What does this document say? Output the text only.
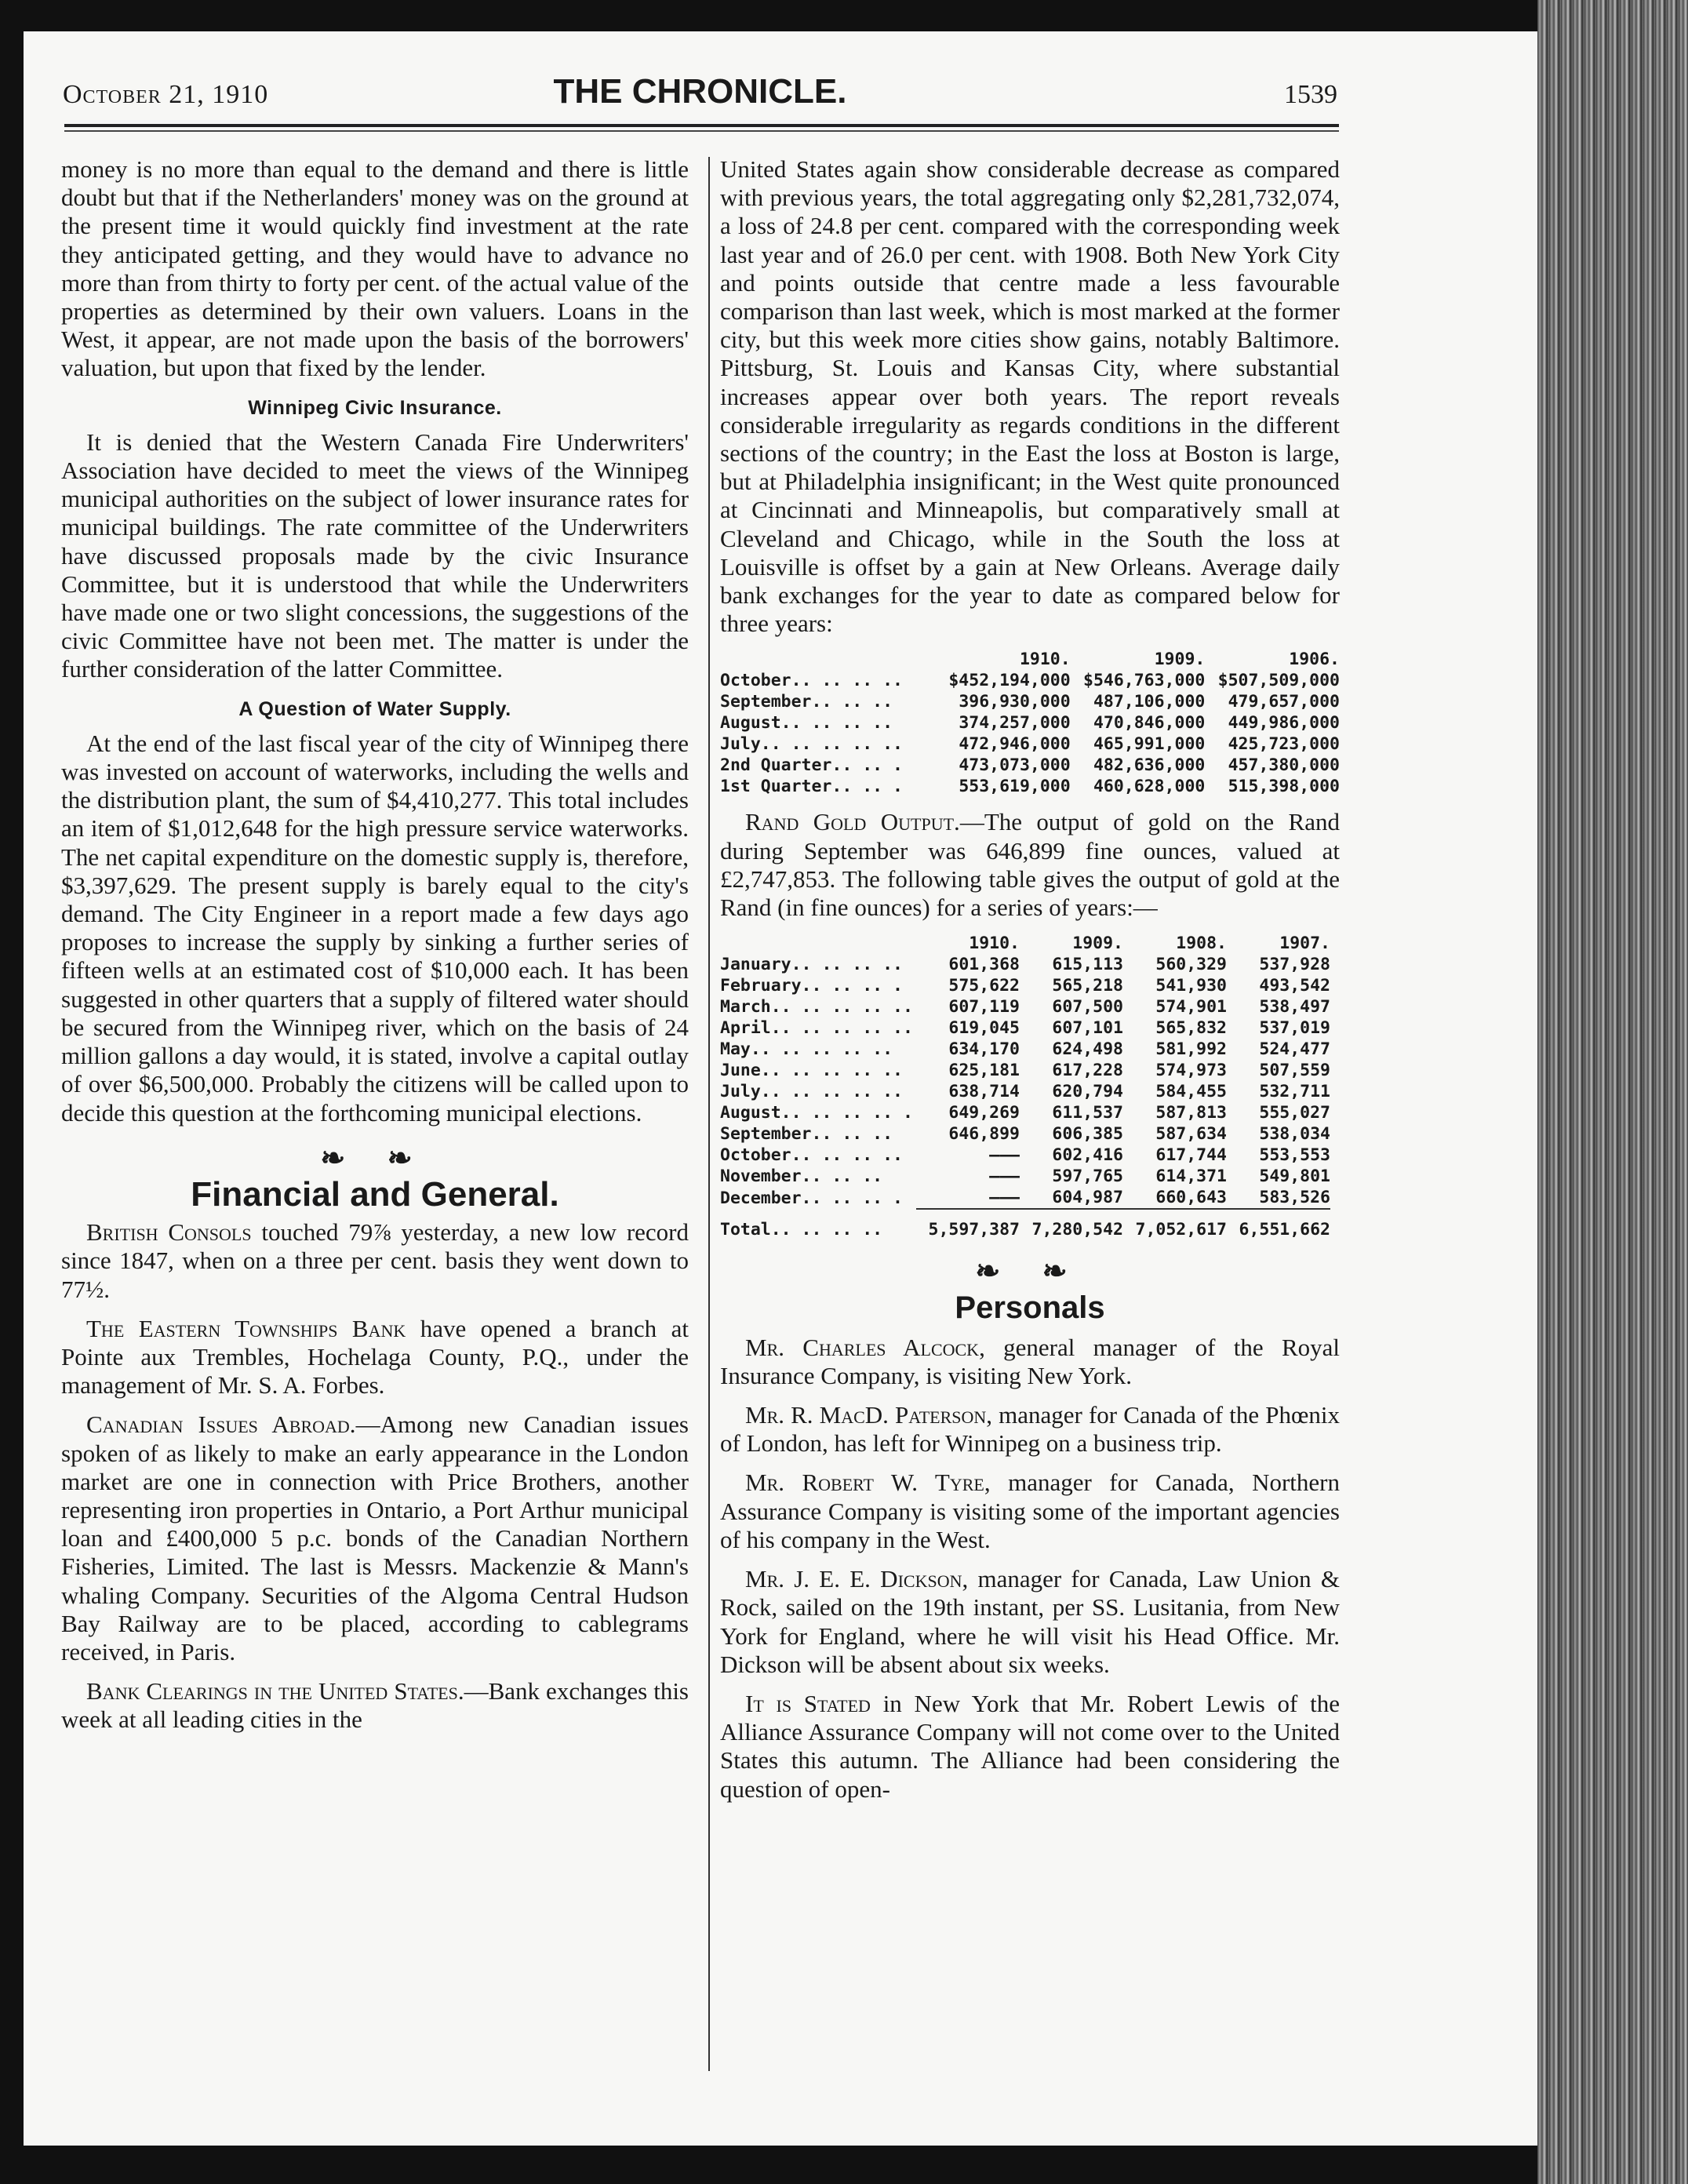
October 21, 1910	THE CHRONICLE.	1539

money is no more than equal to the demand and there is little doubt but that if the Netherlanders' money was on the ground at the present time it would quickly find investment at the rate they anticipated getting, and they would have to advance no more than from thirty to forty per cent. of the actual value of the properties as determined by their own valuers. Loans in the West, it appear, are not made upon the basis of the borrowers' valuation, but upon that fixed by the lender.

Winnipeg Civic Insurance.

It is denied that the Western Canada Fire Underwriters' Association have decided to meet the views of the Winnipeg municipal authorities on the subject of lower insurance rates for municipal buildings. The rate committee of the Underwriters have discussed proposals made by the civic Insurance Committee, but it is understood that while the Underwriters have made one or two slight concessions, the suggestions of the civic Committee have not been met. The matter is under the further consideration of the latter Committee.

A Question of Water Supply.

At the end of the last fiscal year of the city of Winnipeg there was invested on account of waterworks, including the wells and the distribution plant, the sum of $4,410,277. This total includes an item of $1,012,648 for the high pressure service waterworks. The net capital expenditure on the domestic supply is, therefore, $3,397,629. The present supply is barely equal to the city's demand. The City Engineer in a report made a few days ago proposes to increase the supply by sinking a further series of fifteen wells at an estimated cost of $10,000 each. It has been suggested in other quarters that a supply of filtered water should be secured from the Winnipeg river, which on the basis of 24 million gallons a day would, it is stated, involve a capital outlay of over $6,500,000. Probably the citizens will be called upon to decide this question at the forthcoming municipal elections.

❧ ❧
Financial and General.

British Consols touched 79⅞ yesterday, a new low record since 1847, when on a three per cent. basis they went down to 77½.

The Eastern Townships Bank have opened a branch at Pointe aux Trembles, Hochelaga County, P.Q., under the management of Mr. S. A. Forbes.

Canadian Issues Abroad.—Among new Canadian issues spoken of as likely to make an early appearance in the London market are one in connection with Price Brothers, another representing iron properties in Ontario, a Port Arthur municipal loan and £400,000 5 p.c. bonds of the Canadian Northern Fisheries, Limited. The last is Messrs. Mackenzie & Mann's whaling Company. Securities of the Algoma Central Hudson Bay Railway are to be placed, according to cablegrams received, in Paris.

Bank Clearings in the United States.—Bank exchanges this week at all leading cities in the

United States again show considerable decrease as compared with previous years, the total aggregating only $2,281,732,074, a loss of 24.8 per cent. compared with the corresponding week last year and of 26.0 per cent. with 1908. Both New York City and points outside that centre made a less favourable comparison than last week, which is most marked at the former city, but this week more cities show gains, notably Baltimore. Pittsburg, St. Louis and Kansas City, where substantial increases appear over both years. The report reveals considerable irregularity as regards conditions in the different sections of the country; in the East the loss at Boston is large, but at Philadelphia insignificant; in the West quite pronounced at Cincinnati and Minneapolis, but comparatively small at Cleveland and Chicago, while in the South the loss at Louisville is offset by a gain at New Orleans. Average daily bank exchanges for the year to date as compared below for three years:

	1910.	1909.	1906.
October.. .. .. ..	$452,194,000	$546,763,000	$507,509,000
September.. .. ..	396,930,000	487,106,000	479,657,000
August.. .. .. ..	374,257,000	470,846,000	449,986,000
July.. .. .. .. ..	472,946,000	465,991,000	425,723,000
2nd Quarter.. .. .	473,073,000	482,636,000	457,380,000
1st Quarter.. .. .	553,619,000	460,628,000	515,398,000

Rand Gold Output.—The output of gold on the Rand during September was 646,899 fine ounces, valued at £2,747,853. The following table gives the output of gold at the Rand (in fine ounces) for a series of years:—

	1910.	1909.	1908.	1907.
January.. .. .. ..	601,368	615,113	560,329	537,928
February.. .. .. .	575,622	565,218	541,930	493,542
March.. .. .. .. ..	607,119	607,500	574,901	538,497
April.. .. .. .. ..	619,045	607,101	565,832	537,019
May.. .. .. .. ..	634,170	624,498	581,992	524,477
June.. .. .. .. ..	625,181	617,228	574,973	507,559
July.. .. .. .. ..	638,714	620,794	584,455	532,711
August.. .. .. .. .	649,269	611,537	587,813	555,027
September.. .. ..	646,899	606,385	587,634	538,034
October.. .. .. ..	———	602,416	617,744	553,553
November.. .. ..	———	597,765	614,371	549,801
December.. .. .. .	———	604,987	660,643	583,526
Total.. .. .. ..	5,597,387	7,280,542	7,052,617	6,551,662
❧ ❧
Personals

Mr. Charles Alcock, general manager of the Royal Insurance Company, is visiting New York.

Mr. R. MacD. Paterson, manager for Canada of the Phœnix of London, has left for Winnipeg on a business trip.

Mr. Robert W. Tyre, manager for Canada, Northern Assurance Company is visiting some of the important agencies of his company in the West.

Mr. J. E. E. Dickson, manager for Canada, Law Union & Rock, sailed on the 19th instant, per SS. Lusitania, from New York for England, where he will visit his Head Office. Mr. Dickson will be absent about six weeks.

It is Stated in New York that Mr. Robert Lewis of the Alliance Assurance Company will not come over to the United States this autumn. The Alliance had been considering the question of open-
